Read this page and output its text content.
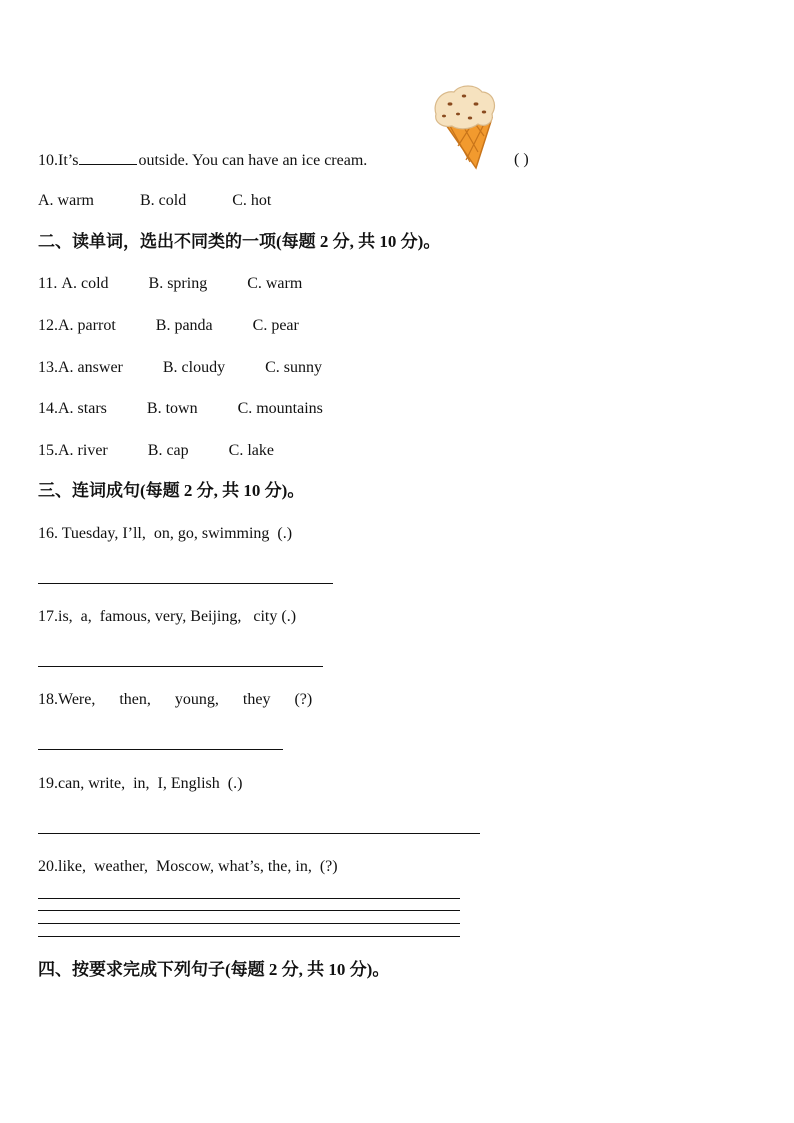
10.It’s	outside. You can have an ice cream.	( )
A. warm	B. cold	C. hot
二、读单词，选出不同类的一项(每题 2 分, 共 10 分)。
11. A. cold	B. spring	C. warm
12.A. parrot	B. panda	C. pear
13.A. answer	B. cloudy	C. sunny
14.A. stars	B. town	C. mountains
15.A. river	B. cap	C. lake
三、连词成句(每题 2 分, 共 10 分)。
16. Tuesday, I’ll,  on, go, swimming  (.)
17.is,  a,  famous, very, Beijing,   city (.)
18.Were,      then,      young,      they      (?)
19.can, write,  in,  I, English  (.)
20.like,  weather,  Moscow, what’s, the, in,  (?)
四、按要求完成下列句子(每题 2 分, 共 10 分)。
